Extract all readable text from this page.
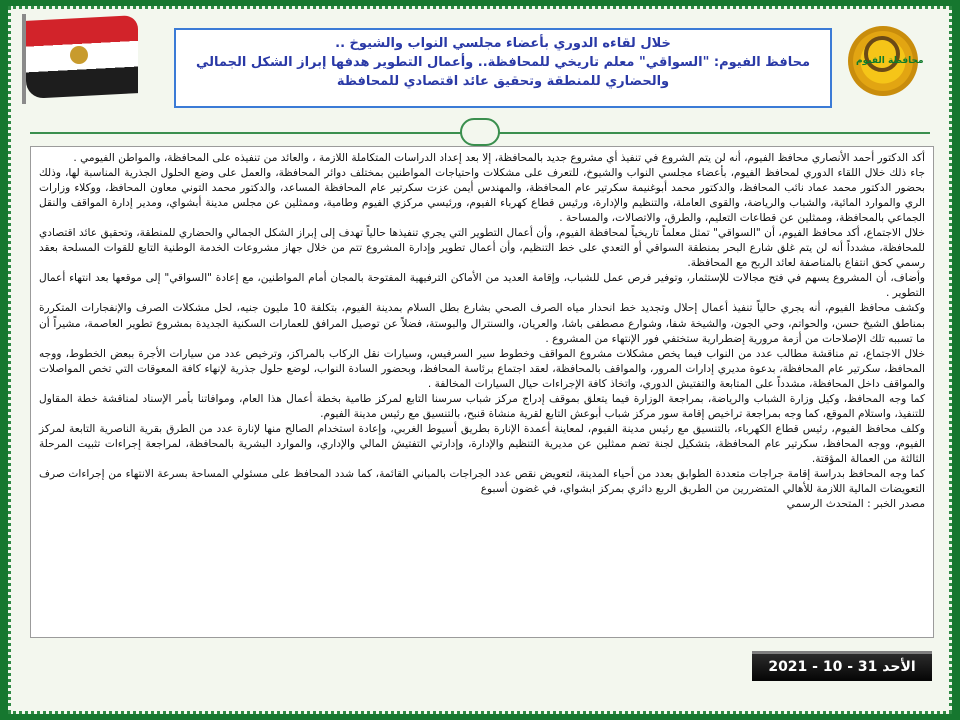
محافظة الفيوم
خلال لقاءه الدوري بأعضاء مجلسي النواب والشيوخ ..
محافظ الفيوم: "السواقي" معلم تاريخي للمحافظة.. وأعمال التطوير هدفها إبراز الشكل الجمالي
والحضاري للمنطقة وتحقيق عائد اقتصادي للمحافظة

أكد الدكتور أحمد الأنصاري محافظ الفيوم، أنه لن يتم الشروع في تنفيذ أي مشروع جديد بالمحافظة، إلا بعد إعداد الدراسات المتكاملة اللازمة ، والعائد من تنفيذه على المحافظة، والمواطن الفيومي .

جاء ذلك خلال اللقاء الدوري لمحافظ الفيوم، بأعضاء مجلسي النواب والشيوخ، للتعرف على مشكلات واحتياجات المواطنين بمختلف دوائر المحافظة، والعمل على وضع الحلول الجذرية المناسبة لها، وذلك بحضور الدكتور محمد عماد نائب المحافظ، والدكتور محمد أبوغنيمة سكرتير عام المحافظة، والمهندس أيمن عزت سكرتير عام المحافظة المساعد، والدكتور محمد التوني معاون المحافظ، ووكلاء وزارات الري والموارد المائية، والشباب والرياضة، والقوى العاملة، والتنظيم والإدارة، ورئيس قطاع كهرباء الفيوم، ورئيسي مركزي الفيوم وطامية، وممثلين عن مجلس مدينة أبشواي، ومدير إدارة المواقف والنقل الجماعي بالمحافظة، وممثلين عن قطاعات التعليم، والطرق، والاتصالات، والمساحة .

خلال الاجتماع، أكد محافظ الفيوم، أن "السواقي" تمثل معلماً تاريخياً لمحافظة الفيوم، وأن أعمال التطوير التي يجري تنفيذها حالياً تهدف إلى إبراز الشكل الجمالي والحضاري للمنطقة، وتحقيق عائد اقتصادي للمحافظة، مشدداً أنه لن يتم غلق شارع البحر بمنطقة السواقي أو التعدي على خط التنظيم، وأن أعمال تطوير وإدارة المشروع تتم من خلال جهاز مشروعات الخدمة الوطنية التابع للقوات المسلحة بعقد رسمي كحق انتفاع بالمناصفة لعائد الربح مع المحافظة.

وأضاف، أن المشروع يسهم في فتح مجالات للإستثمار، وتوفير فرص عمل للشباب، وإقامة العديد من الأماكن الترفيهية المفتوحة بالمجان أمام المواطنين، مع إعادة "السواقي" إلى موقعها بعد انتهاء أعمال التطوير .

وكشف محافظ الفيوم، أنه يجري حالياً تنفيذ أعمال إحلال وتجديد خط انحدار مياه الصرف الصحي بشارع بطل السلام بمدينة الفيوم، بتكلفة 10 مليون جنيه، لحل مشكلات الصرف والإنفجارات المتكررة بمناطق الشيخ حسن، والحواتم، وحي الجون، والشيخة شفا، وشوارع مصطفى باشا، والعريان، والسنترال والبوستة، فضلاً عن توصيل المرافق للعمارات السكنية الجديدة بمشروع تطوير العاصمة، مشيراً أن ما تسببه تلك الإصلاحات من أزمة مرورية إضطرارية ستختفي فور الإنتهاء من المشروع .

خلال الاجتماع، تم مناقشة مطالب عدد من النواب فيما يخص مشكلات مشروع المواقف وخطوط سير السرفيس، وسيارات نقل الركاب بالمراكز، وترخيص عدد من سيارات الأجرة ببعض الخطوط، ووجه المحافظ، سكرتير عام المحافظة، بدعوة مديري إدارات المرور، والمواقف بالمحافظة، لعقد اجتماع برئاسة المحافظ، وبحضور السادة النواب، لوضع حلول جذرية لإنهاء كافة المعوقات التي تخص المواصلات والمواقف داخل المحافظة، مشدداً على المتابعة والتفتيش الدوري، واتخاذ كافة الإجراءات حيال السيارات المخالفة .

كما وجه المحافظ، وكيل وزارة الشباب والرياضة، بمراجعة الوزارة فيما يتعلق بموقف إدراج مركز شباب سرسنا التابع لمركز طامية بخطة أعمال هذا العام، وموافاتنا بأمر الإسناد لمناقشة خطة المقاول للتنفيذ، واستلام الموقع، كما وجه بمراجعة تراخيص إقامة سور مركز شباب أبوعش التابع لقرية منشاة قنبح، بالتنسيق مع رئيس مدينة الفيوم.

وكلف محافظ الفيوم، رئيس قطاع الكهرباء، بالتنسيق مع رئيس مدينة الفيوم، لمعاينة أعمدة الإنارة بطريق أسيوط الغربي، وإعادة استخدام الصالح منها لإنارة عدد من الطرق بقرية الناصرية التابعة لمركز الفيوم، ووجه المحافظ، سكرتير عام المحافظة، بتشكيل لجنة تضم ممثلين عن مديرية التنظيم والإدارة، وإدارتي التفتيش المالي والإداري، والموارد البشرية بالمحافظة، لمراجعة إجراءات تثبيت المرحلة الثالثة من العمالة المؤقتة.

كما وجه المحافظ بدراسة إقامة جراجات متعددة الطوابق بعدد من أحياء المدينة، لتعويض نقص عدد الجراجات بالمباني القائمة، كما شدد المحافظ على مسئولي المساحة بسرعة الانتهاء من إجراءات صرف التعويضات المالية اللازمة للأهالي المتضررين من الطريق الربع دائري بمركز ابشواي، في غضون أسبوع

مصدر الخبر : المتحدث الرسمي

الأحد 31 - 10 - 2021
